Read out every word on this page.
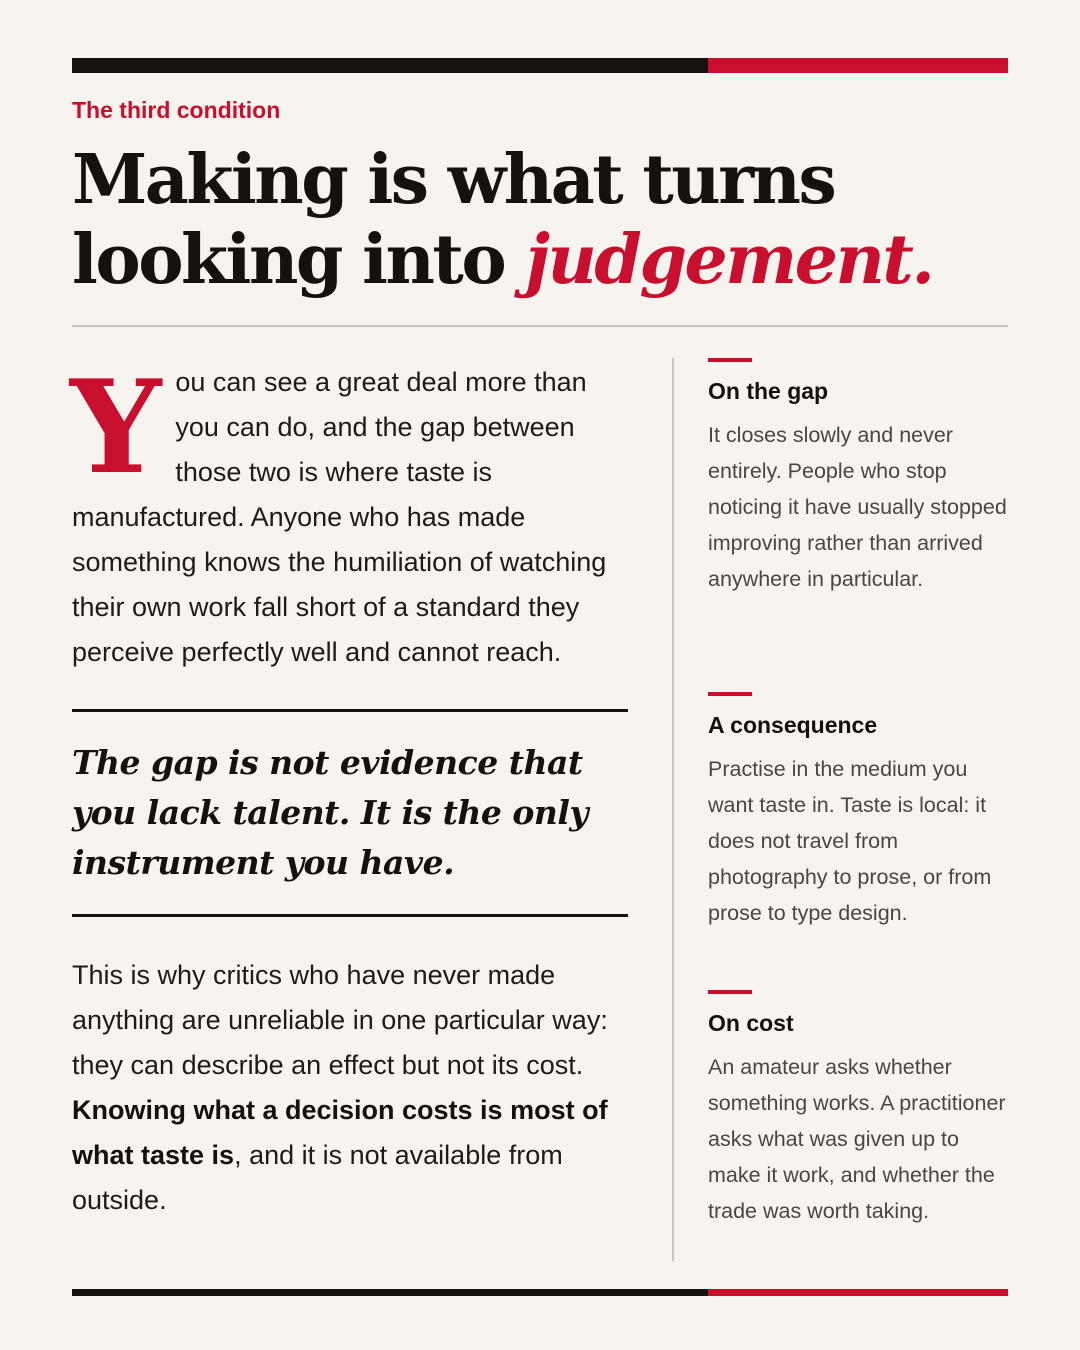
The third condition
Making is what turns
looking into judgement.

You can see a great deal more than you can do, and the gap between those two is where taste is manufactured. Anyone who has made something knows the humiliation of watching their own work fall short of a standard they perceive perfectly well and cannot reach.

The gap is not evidence that you lack talent. It is the only instrument you have.

This is why critics who have never made anything are unreliable in one particular way: they can describe an effect but not its cost. Knowing what a decision costs is most of what taste is, and it is not available from outside.

On the gap
It closes slowly and never entirely. People who stop noticing it have usually stopped improving rather than arrived anywhere in particular.
A consequence
Practise in the medium you want taste in. Taste is local: it does not travel from photography to prose, or from prose to type design.
On cost
An amateur asks whether something works. A practitioner asks what was given up to make it work, and whether the trade was worth taking.
